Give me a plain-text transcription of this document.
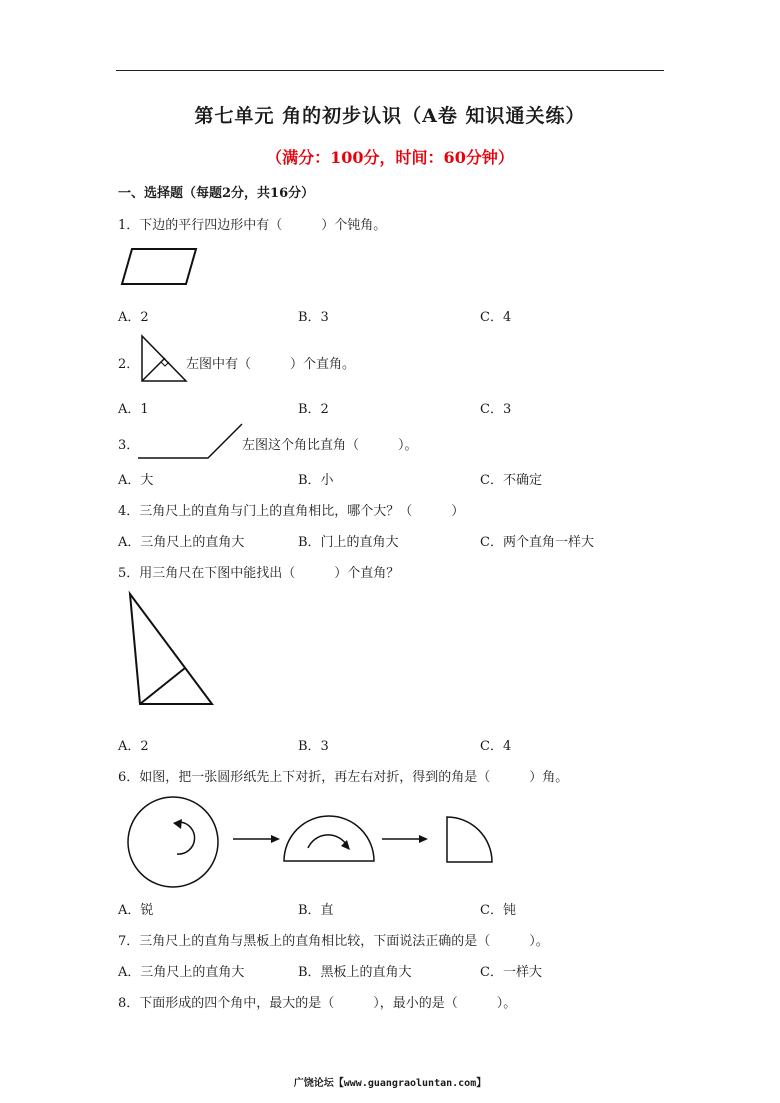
第七单元 角的初步认识（A卷 知识通关练）
（满分：100分，时间：60分钟）
一、选择题（每题2分，共16分）
1．下边的平行四边形中有（　　　）个钝角。
A．2	B．3	C．4
2．	左图中有（　　　）个直角。
A．1	B．2	C．3
3．	左图这个角比直角（　　　）。
A．大	B．小	C．不确定
4．三角尺上的直角与门上的直角相比，哪个大？（　　　）
A．三角尺上的直角大	B．门上的直角大	C．两个直角一样大
5．用三角尺在下图中能找出（　　　）个直角？
A．2	B．3	C．4
6．如图，把一张圆形纸先上下对折，再左右对折，得到的角是（　　　）角。
A．锐	B．直	C．钝
7．三角尺上的直角与黑板上的直角相比较，下面说法正确的是（　　　）。
A．三角尺上的直角大	B．黑板上的直角大	C．一样大
8．下面形成的四个角中，最大的是（　　　），最小的是（　　　）。
广饶论坛【www.guangraoluntan.com】
